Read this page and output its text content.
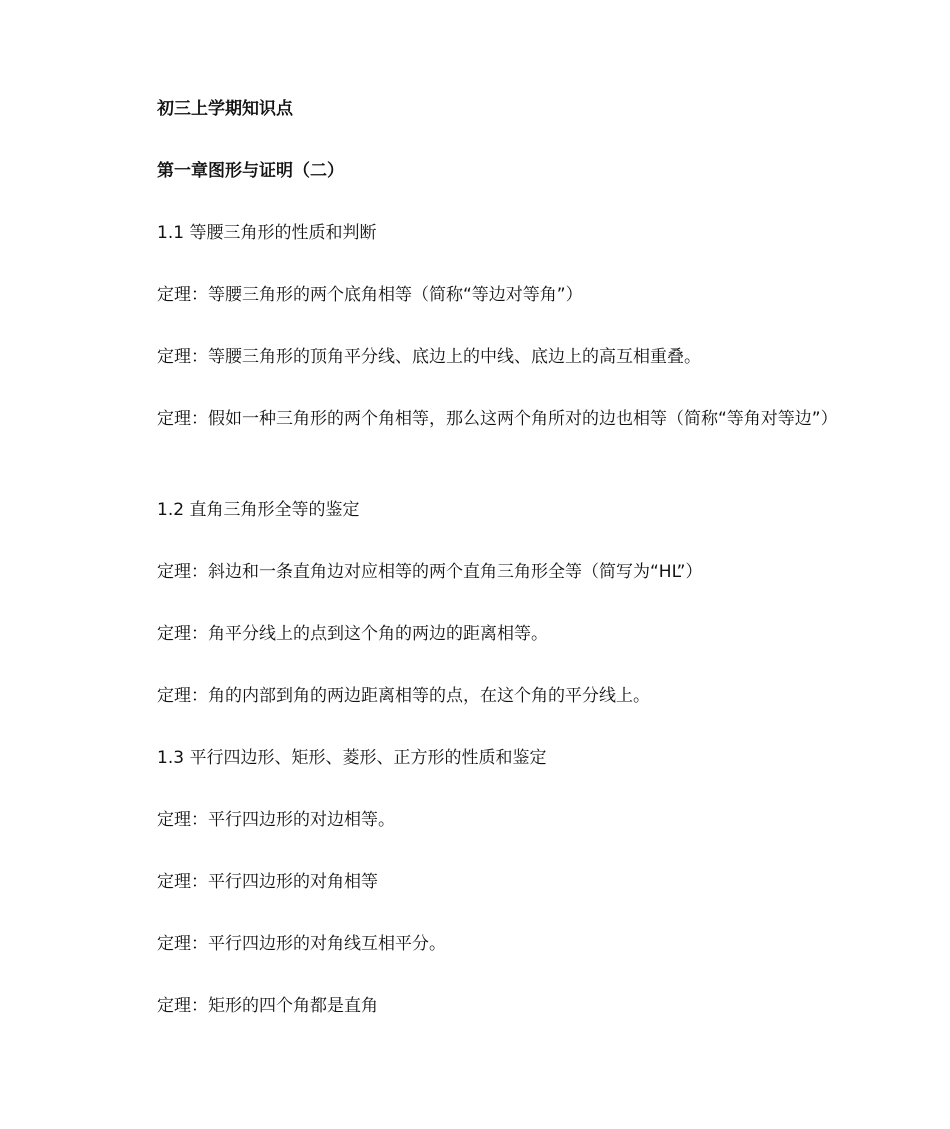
初三上学期知识点

第一章图形与证明（二）

1.1 等腰三角形的性质和判断

定理：等腰三角形的两个底角相等（简称“等边对等角”）

定理：等腰三角形的顶角平分线、底边上的中线、底边上的高互相重叠。

定理：假如一种三角形的两个角相等，那么这两个角所对的边也相等（简称“等角对等边”）

1.2 直角三角形全等的鉴定

定理：斜边和一条直角边对应相等的两个直角三角形全等（简写为“HL”）

定理：角平分线上的点到这个角的两边的距离相等。

定理：角的内部到角的两边距离相等的点，在这个角的平分线上。

1.3 平行四边形、矩形、菱形、正方形的性质和鉴定

定理：平行四边形的对边相等。

定理：平行四边形的对角相等

定理：平行四边形的对角线互相平分。

定理：矩形的四个角都是直角
